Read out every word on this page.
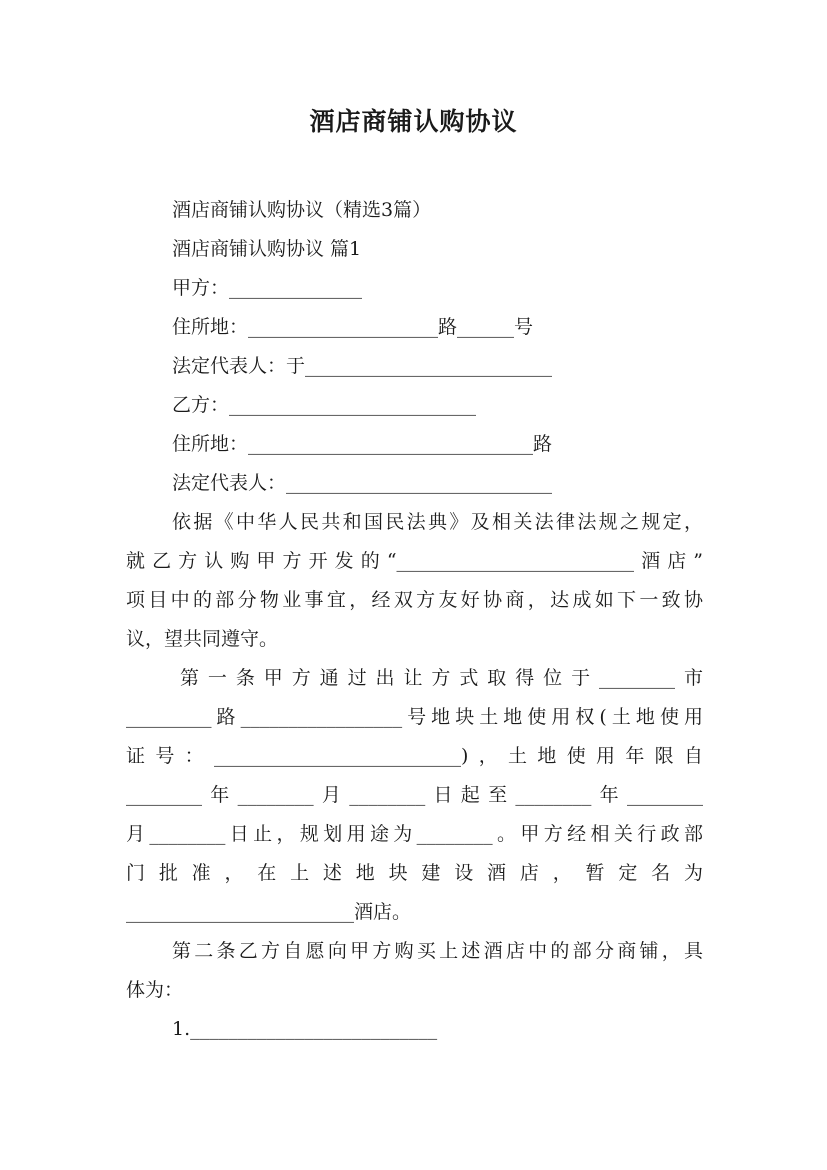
酒店商铺认购协议
酒店商铺认购协议（精选3篇）
酒店商铺认购协议 篇1
甲方：______________
住所地：____________________路______号
法定代表人：于__________________________
乙方：__________________________
住所地：______________________________路
法定代表人：____________________________
依据《中华人民共和国民法典》及相关法律法规之规定，
就乙方认购甲方开发的“_________________________酒店”
项目中的部分物业事宜，经双方友好协商，达成如下一致协
议，望共同遵守。
第一条甲方通过出让方式取得位于________市
_________路_________________号地块土地使用权(土地使用
证号：__________________________)，土地使用年限自
________年________月________日起至________年________
月________日止，规划用途为________。甲方经相关行政部
门批准，在上述地块建设酒店，暂定名为
________________________酒店。
第二条乙方自愿向甲方购买上述酒店中的部分商铺，具
体为：
1.__________________________
